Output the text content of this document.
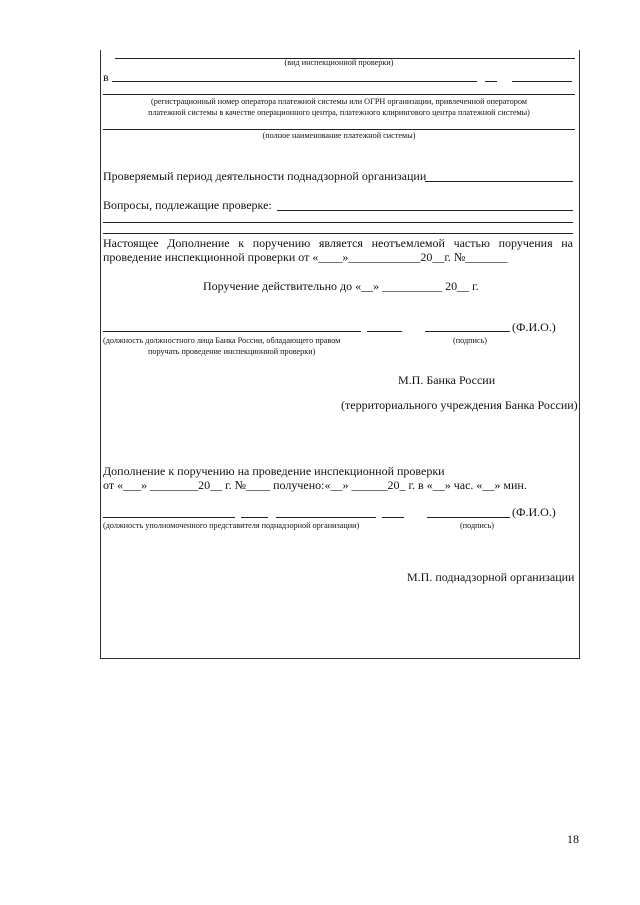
(вид инспекционной проверки)
в
(регистрационный номер оператора платежной системы или ОГРН организации, привлеченной оператором
платежной системы в качестве операционного центра, платежного клирингового центра платежной системы)
(полное наименование платежной системы)
Проверяемый период деятельности поднадзорной организации
Вопросы, подлежащие проверке:
Настоящее Дополнение к поручению является неотъемлемой частью поручения на
проведение инспекционной проверки от «____»____________20__г. №_______
Поручение действительно до «__» __________ 20__ г.
(Ф.И.О.)
(должность должностного лица Банка России, обладающего правом
поручать проведение инспекционной проверки)
(подпись)
М.П. Банка России
(территориального учреждения Банка России)
Дополнение к поручению на проведение инспекционной проверки
от «___» ________20__ г. №____ получено:«__» ______20_ г. в «__» час. «__» мин.
(Ф.И.О.)
(должность уполномоченного представителя поднадзорной организации)	(подпись)
М.П. поднадзорной организации
18
